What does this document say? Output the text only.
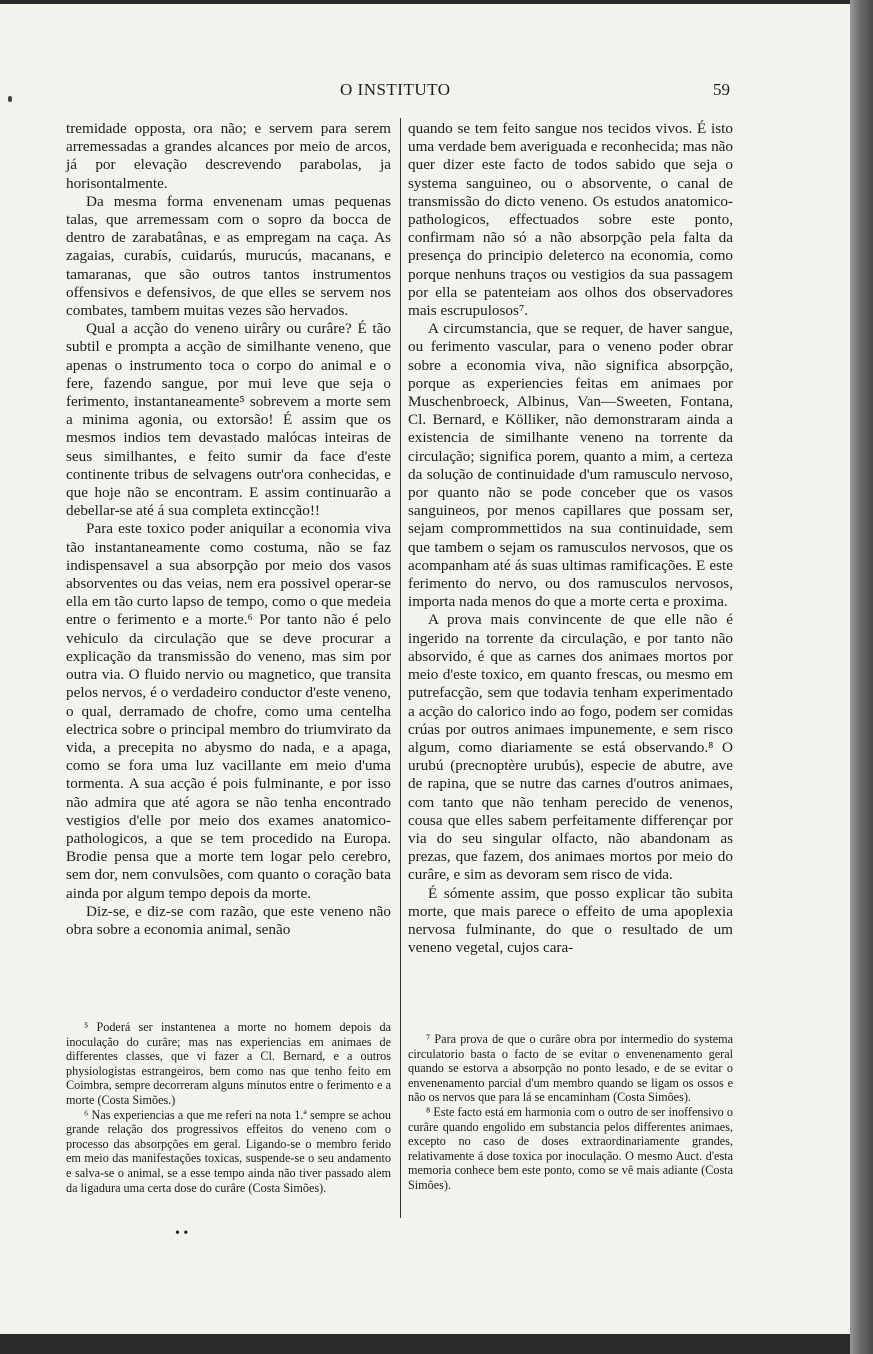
O INSTITUTO	59

tremidade opposta, ora não; e servem para serem arremessadas a grandes alcances por meio de arcos, já por elevação descrevendo parabolas, ja horisontalmente.

Da mesma forma envenenam umas pequenas talas, que arremessam com o sopro da bocca de dentro de zarabatânas, e as empregam na caça. As zagaias, curabís, cuidarús, murucús, macanans, e tamaranas, que são outros tantos instrumentos offensivos e defensivos, de que elles se servem nos combates, tambem muitas vezes são hervados.

Qual a acção do veneno uirâry ou curâre? É tão subtil e prompta a acção de similhante veneno, que apenas o instrumento toca o corpo do animal e o fere, fazendo sangue, por mui leve que seja o ferimento, instantaneamente⁵ sobrevem a morte sem a minima agonia, ou extorsão! É assim que os mesmos indios tem devastado malócas inteiras de seus similhantes, e feito sumir da face d'este continente tribus de selvagens outr'ora conhecidas, e que hoje não se encontram. E assim continuarão a debellar-se até á sua completa extincção!!

Para este toxico poder aniquilar a economia viva tão instantaneamente como costuma, não se faz indispensavel a sua absorpção por meio dos vasos absorventes ou das veias, nem era possivel operar-se ella em tão curto lapso de tempo, como o que medeia entre o ferimento e a morte.⁶ Por tanto não é pelo vehiculo da circulação que se deve procurar a explicação da transmissão do veneno, mas sim por outra via. O fluido nervio ou magnetico, que transita pelos nervos, é o verdadeiro conductor d'este veneno, o qual, derramado de chofre, como uma centelha electrica sobre o principal membro do triumvirato da vida, a precepita no abysmo do nada, e a apaga, como se fora uma luz vacillante em meio d'uma tormenta. A sua acção é pois fulminante, e por isso não admira que até agora se não tenha encontrado vestigios d'elle por meio dos exames anatomico-pathologicos, a que se tem procedido na Europa. Brodie pensa que a morte tem logar pelo cerebro, sem dor, nem convulsões, com quanto o coração bata ainda por algum tempo depois da morte.

Diz-se, e diz-se com razão, que este veneno não obra sobre a economia animal, senão

quando se tem feito sangue nos tecidos vivos. É isto uma verdade bem averiguada e reconhecida; mas não quer dizer este facto de todos sabido que seja o systema sanguineo, ou o absorvente, o canal de transmissão do dicto veneno. Os estudos anatomico-pathologicos, effectuados sobre este ponto, confirmam não só a não absorpção pela falta da presença do principio deleterco na economia, como porque nenhuns traços ou vestigios da sua passagem por ella se patenteiam aos olhos dos observadores mais escrupulosos⁷.

A circumstancia, que se requer, de haver sangue, ou ferimento vascular, para o veneno poder obrar sobre a economia viva, não significa absorpção, porque as experiencies feitas em animaes por Muschenbroeck, Albinus, Van—Sweeten, Fontana, Cl. Bernard, e Kölliker, não demonstraram ainda a existencia de similhante veneno na torrente da circulação; significa porem, quanto a mim, a certeza da solução de continuidade d'um ramusculo nervoso, por quanto não se pode conceber que os vasos sanguineos, por menos capillares que possam ser, sejam comprommettidos na sua continuidade, sem que tambem o sejam os ramusculos nervosos, que os acompanham até ás suas ultimas ramificações. E este ferimento do nervo, ou dos ramusculos nervosos, importa nada menos do que a morte certa e proxima.

A prova mais convincente de que elle não é ingerido na torrente da circulação, e por tanto não absorvido, é que as carnes dos animaes mortos por meio d'este toxico, em quanto frescas, ou mesmo em putrefacção, sem que todavia tenham experimentado a acção do calorico indo ao fogo, podem ser comidas crúas por outros animaes impunemente, e sem risco algum, como diariamente se está observando.⁸ O urubú (precnoptère urubús), especie de abutre, ave de rapina, que se nutre das carnes d'outros animaes, com tanto que não tenham perecido de venenos, cousa que elles sabem perfeitamente differençar por via do seu singular olfacto, não abandonam as prezas, que fazem, dos animaes mortos por meio do curâre, e sim as devoram sem risco de vida.

É sómente assim, que posso explicar tão subita morte, que mais parece o effeito de uma apoplexia nervosa fulminante, do que o resultado de um veneno vegetal, cujos cara-

⁵ Poderá ser instantenea a morte no homem depois da inoculação do curâre; mas nas experiencias em animaes de differentes classes, que vi fazer a Cl. Bernard, e a outros physiologistas estrangeiros, bem como nas que tenho feito em Coimbra, sempre decorreram alguns minutos entre o ferimento e a morte (Costa Simões.)

⁶ Nas experiencias a que me referi na nota 1.ª sempre se achou grande relação dos progressivos effeitos do veneno com o processo das absorpções em geral. Ligando-se o membro ferido em meio das manifestações toxicas, suspende-se o seu andamento e salva-se o animal, se a esse tempo ainda não tiver passado alem da ligadura uma certa dose do curâre (Costa Simões).

⁷ Para prova de que o curâre obra por intermedio do systema circulatorio basta o facto de se evitar o envenenamento geral quando se estorva a absorpção no ponto lesado, e de se evitar o envenenamento parcial d'um membro quando se ligam os ossos e não os nervos que para lá se encaminham (Costa Simões).

⁸ Este facto está em harmonia com o outro de ser inoffensivo o curâre quando engolido em substancia pelos differentes animaes, excepto no caso de doses extraordinariamente grandes, relativamente á dose toxica por inoculação. O mesmo Auct. d'esta memoria conhece bem este ponto, como se vê mais adiante (Costa Simões).

• •
